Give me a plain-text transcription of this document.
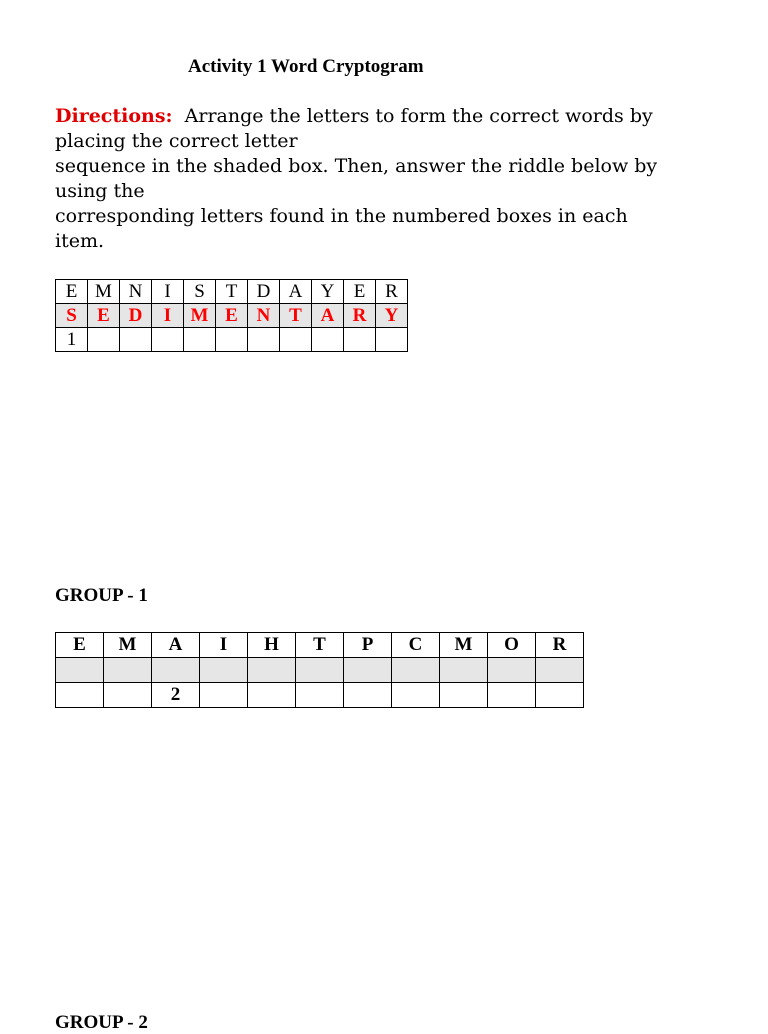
Activity 1 Word Cryptogram
Directions: Arrange the letters to form the correct words by
placing the correct letter
sequence in the shaded box. Then, answer the riddle below by
using the
corresponding letters found in the numbered boxes in each
item.
E	M	N	I	S	T	D	A	Y	E	R
S	E	D	I	M	E	N	T	A	R	Y
1										
GROUP - 1
E	M	A	I	H	T	P	C	M	O	R

		2								
GROUP - 2
